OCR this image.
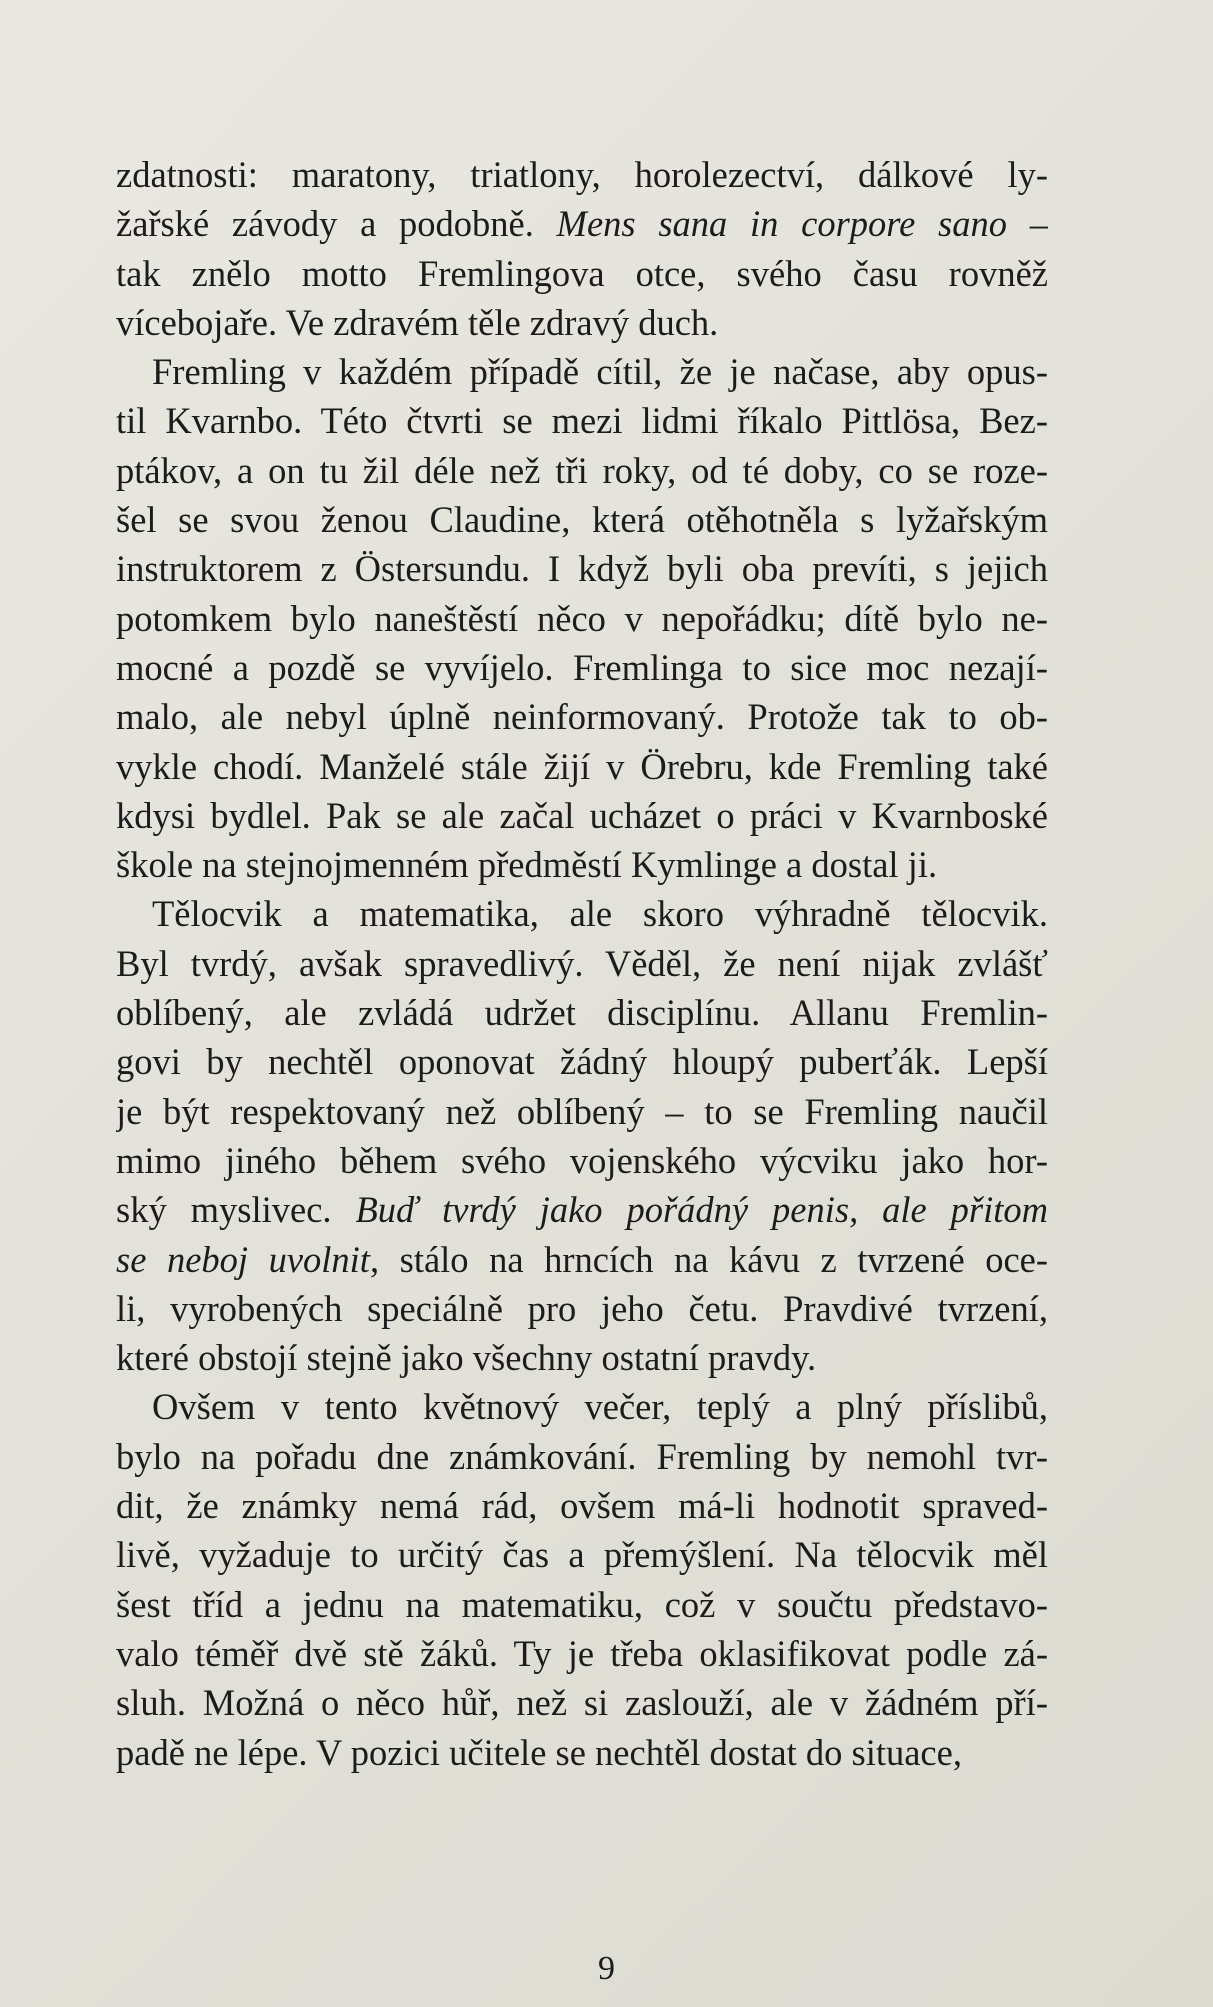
zdatnosti: maratony, triatlony, horolezectví, dálkové ly-
žařské závody a podobně. Mens sana in corpore sano –
tak znělo motto Fremlingova otce, svého času rovněž
vícebojaře. Ve zdravém těle zdravý duch.
Fremling v každém případě cítil, že je načase, aby opus-
til Kvarnbo. Této čtvrti se mezi lidmi říkalo Pittlösa, Bez-
ptákov, a on tu žil déle než tři roky, od té doby, co se roze-
šel se svou ženou Claudine, která otěhotněla s lyžařským
instruktorem z Östersundu. I když byli oba prevíti, s jejich
potomkem bylo naneštěstí něco v nepořádku; dítě bylo ne-
mocné a pozdě se vyvíjelo. Fremlinga to sice moc nezají-
malo, ale nebyl úplně neinformovaný. Protože tak to ob-
vykle chodí. Manželé stále žijí v Örebru, kde Fremling také
kdysi bydlel. Pak se ale začal ucházet o práci v Kvarnboské
škole na stejnojmenném předměstí Kymlinge a dostal ji.
Tělocvik a matematika, ale skoro výhradně tělocvik.
Byl tvrdý, avšak spravedlivý. Věděl, že není nijak zvlášť
oblíbený, ale zvládá udržet disciplínu. Allanu Fremlin-
govi by nechtěl oponovat žádný hloupý puberťák. Lepší
je být respektovaný než oblíbený – to se Fremling naučil
mimo jiného během svého vojenského výcviku jako hor-
ský myslivec. Buď tvrdý jako pořádný penis, ale přitom
se neboj uvolnit, stálo na hrncích na kávu z tvrzené oce-
li, vyrobených speciálně pro jeho četu. Pravdivé tvrzení,
které obstojí stejně jako všechny ostatní pravdy.
Ovšem v tento květnový večer, teplý a plný příslibů,
bylo na pořadu dne známkování. Fremling by nemohl tvr-
dit, že známky nemá rád, ovšem má-li hodnotit spraved-
livě, vyžaduje to určitý čas a přemýšlení. Na tělocvik měl
šest tříd a jednu na matematiku, což v součtu představo-
valo téměř dvě stě žáků. Ty je třeba oklasifikovat podle zá-
sluh. Možná o něco hůř, než si zaslouží, ale v žádném pří-
padě ne lépe. V pozici učitele se nechtěl dostat do situace,
9
